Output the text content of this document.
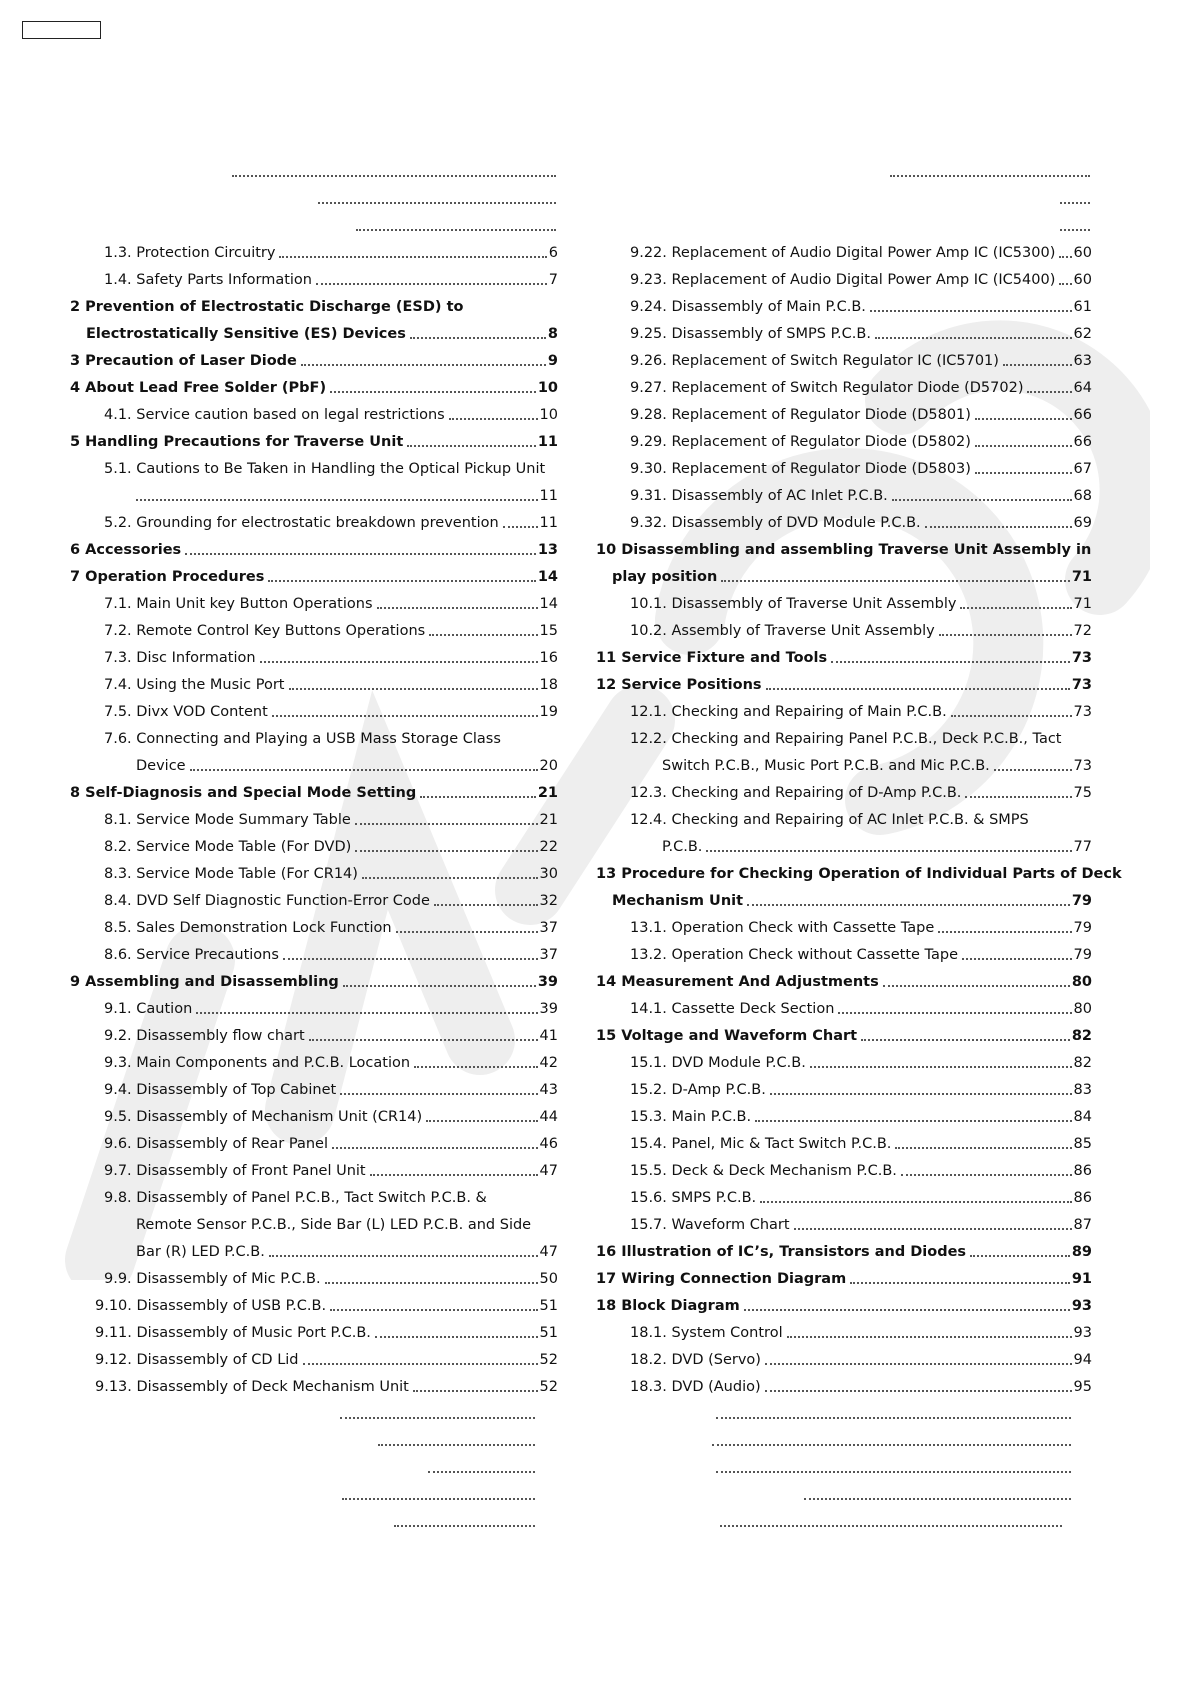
1.3. Protection Circuitry	6
1.4. Safety Parts Information	7
2 Prevention of Electrostatic Discharge (ESD) to
Electrostatically Sensitive (ES) Devices	8
3 Precaution of Laser Diode	9
4 About Lead Free Solder (PbF)	10
4.1. Service caution based on legal restrictions	10
5 Handling Precautions for Traverse Unit	11
5.1. Cautions to Be Taken in Handling the Optical Pickup Unit
11
5.2. Grounding for electrostatic breakdown prevention	11
6 Accessories	13
7 Operation Procedures	14
7.1. Main Unit key Button Operations	14
7.2. Remote Control Key Buttons Operations	15
7.3. Disc Information	16
7.4. Using the Music Port	18
7.5. Divx VOD Content	19
7.6. Connecting and Playing a USB Mass Storage Class
Device	20
8 Self-Diagnosis and Special Mode Setting	21
8.1. Service Mode Summary Table	21
8.2. Service Mode Table (For DVD)	22
8.3. Service Mode Table (For CR14)	30
8.4. DVD Self Diagnostic Function-Error Code	32
8.5. Sales Demonstration Lock Function	37
8.6. Service Precautions	37
9 Assembling and Disassembling	39
9.1. Caution	39
9.2. Disassembly flow chart	41
9.3. Main Components and P.C.B. Location	42
9.4. Disassembly of Top Cabinet	43
9.5. Disassembly of Mechanism Unit (CR14)	44
9.6. Disassembly of Rear Panel	46
9.7. Disassembly of Front Panel Unit	47
9.8. Disassembly of Panel P.C.B., Tact Switch P.C.B. &
Remote Sensor P.C.B., Side Bar (L) LED P.C.B. and Side
Bar (R) LED P.C.B.	47
9.9. Disassembly of Mic P.C.B.	50
9.10. Disassembly of USB P.C.B.	51
9.11. Disassembly of Music Port P.C.B.	51
9.12. Disassembly of CD Lid	52
9.13. Disassembly of Deck Mechanism Unit	52
9.22. Replacement of Audio Digital Power Amp IC (IC5300) 60
9.23. Replacement of Audio Digital Power Amp IC (IC5400) 60
9.24. Disassembly of Main P.C.B.	61
9.25. Disassembly of SMPS P.C.B.	62
9.26. Replacement of Switch Regulator IC (IC5701)	63
9.27. Replacement of Switch Regulator Diode (D5702)	64
9.28. Replacement of Regulator Diode (D5801)	66
9.29. Replacement of Regulator Diode (D5802)	66
9.30. Replacement of Regulator Diode (D5803)	67
9.31. Disassembly of AC Inlet P.C.B.	68
9.32. Disassembly of DVD Module P.C.B.	69
10 Disassembling and assembling Traverse Unit Assembly in
play position	71
10.1. Disassembly of Traverse Unit Assembly	71
10.2. Assembly of Traverse Unit Assembly	72
11 Service Fixture and Tools	73
12 Service Positions	73
12.1. Checking and Repairing of Main P.C.B.	73
12.2. Checking and Repairing Panel P.C.B., Deck P.C.B., Tact
Switch P.C.B., Music Port P.C.B. and Mic P.C.B.	73
12.3. Checking and Repairing of D-Amp P.C.B.	75
12.4. Checking and Repairing of AC Inlet P.C.B. & SMPS
P.C.B.	77
13 Procedure for Checking Operation of Individual Parts of Deck
Mechanism Unit	79
13.1. Operation Check with Cassette Tape	79
13.2. Operation Check without Cassette Tape	79
14 Measurement And Adjustments	80
14.1. Cassette Deck Section	80
15 Voltage and Waveform Chart	82
15.1. DVD Module P.C.B.	82
15.2. D-Amp P.C.B.	83
15.3. Main P.C.B.	84
15.4. Panel, Mic & Tact Switch P.C.B.	85
15.5. Deck & Deck Mechanism P.C.B.	86
15.6. SMPS P.C.B.	86
15.7. Waveform Chart	87
16 Illustration of IC’s, Transistors and Diodes	89
17 Wiring Connection Diagram	91
18 Block Diagram	93
18.1. System Control	93
18.2. DVD (Servo)	94
18.3. DVD (Audio)	95
